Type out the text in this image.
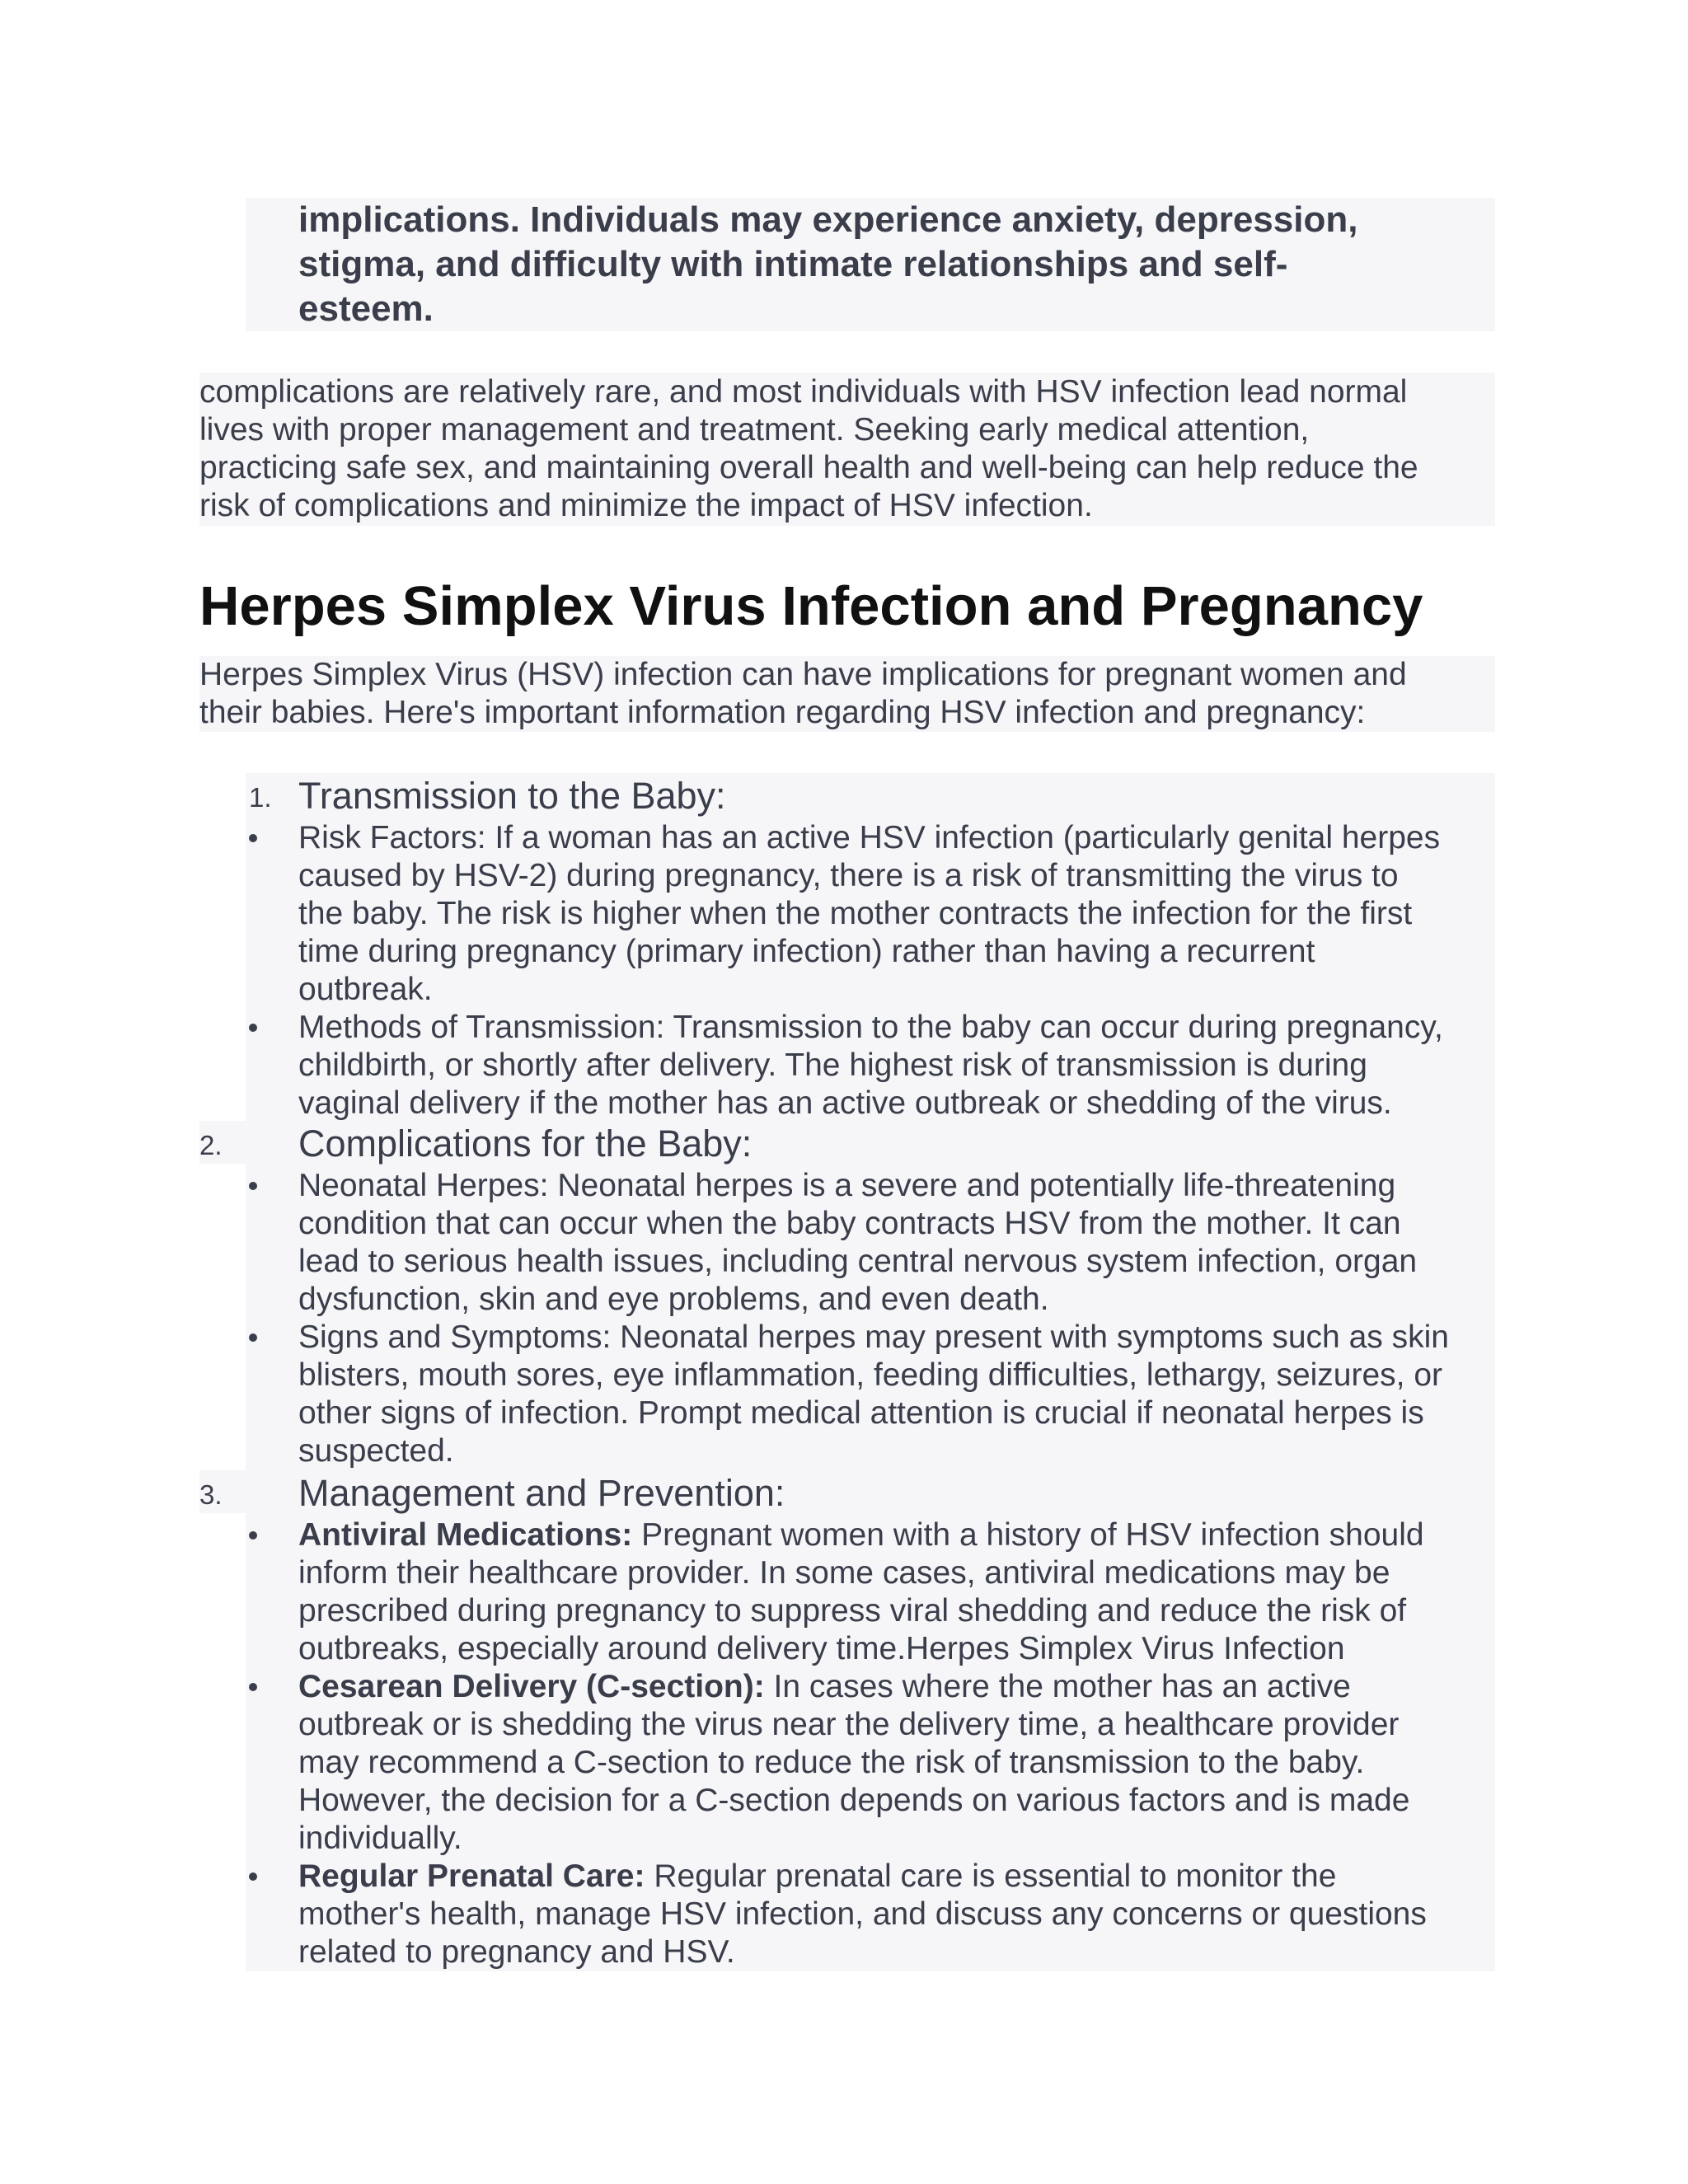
implications. Individuals may experience anxiety, depression,

stigma, and difficulty with intimate relationships and self-

esteem.

complications are relatively rare, and most individuals with HSV infection lead normal

lives with proper management and treatment. Seeking early medical attention,

practicing safe sex, and maintaining overall health and well-being can help reduce the

risk of complications and minimize the impact of HSV infection.

Herpes Simplex Virus Infection and Pregnancy

Herpes Simplex Virus (HSV) infection can have implications for pregnant women and

their babies. Here's important information regarding HSV infection and pregnancy:

1. Transmission to the Baby:

Risk Factors: If a woman has an active HSV infection (particularly genital herpes

caused by HSV-2) during pregnancy, there is a risk of transmitting the virus to

the baby. The risk is higher when the mother contracts the infection for the first

time during pregnancy (primary infection) rather than having a recurrent

outbreak.

Methods of Transmission: Transmission to the baby can occur during pregnancy,

childbirth, or shortly after delivery. The highest risk of transmission is during

vaginal delivery if the mother has an active outbreak or shedding of the virus.

2. Complications for the Baby:

Neonatal Herpes: Neonatal herpes is a severe and potentially life-threatening

condition that can occur when the baby contracts HSV from the mother. It can

lead to serious health issues, including central nervous system infection, organ

dysfunction, skin and eye problems, and even death.

Signs and Symptoms: Neonatal herpes may present with symptoms such as skin

blisters, mouth sores, eye inflammation, feeding difficulties, lethargy, seizures, or

other signs of infection. Prompt medical attention is crucial if neonatal herpes is

suspected.

3. Management and Prevention:

Antiviral Medications: Pregnant women with a history of HSV infection should

inform their healthcare provider. In some cases, antiviral medications may be

prescribed during pregnancy to suppress viral shedding and reduce the risk of

outbreaks, especially around delivery time.Herpes Simplex Virus Infection

Cesarean Delivery (C-section): In cases where the mother has an active

outbreak or is shedding the virus near the delivery time, a healthcare provider

may recommend a C-section to reduce the risk of transmission to the baby.

However, the decision for a C-section depends on various factors and is made

individually.

Regular Prenatal Care: Regular prenatal care is essential to monitor the

mother's health, manage HSV infection, and discuss any concerns or questions

related to pregnancy and HSV.
